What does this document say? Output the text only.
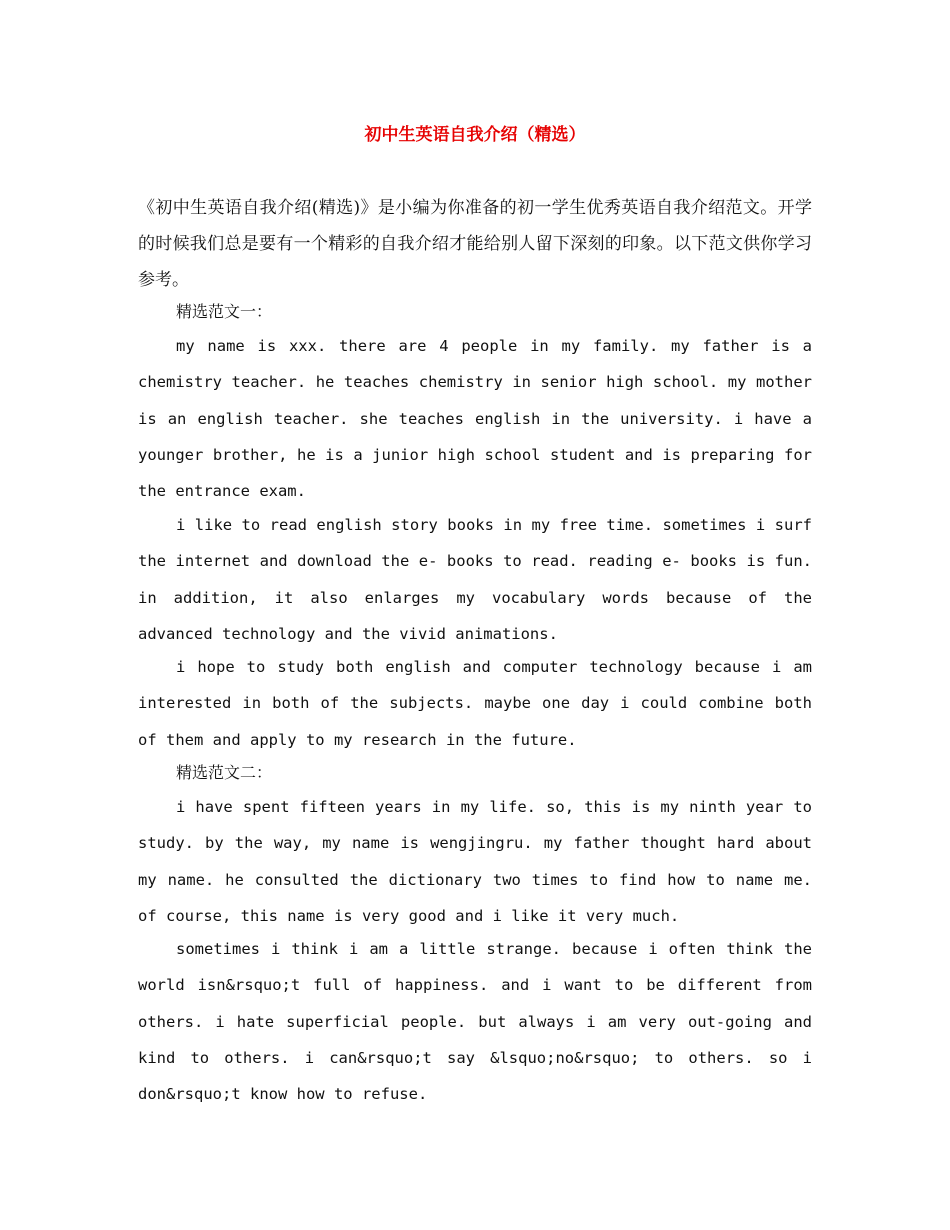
初中生英语自我介绍（精选）

《初中生英语自我介绍(精选)》是小编为你准备的初一学生优秀英语自我介绍范文。开学的时候我们总是要有一个精彩的自我介绍才能给别人留下深刻的印象。以下范文供你学习参考。

精选范文一：

my name is xxx. there are 4 people in my family. my father is a chemistry teacher. he teaches chemistry in senior high school. my mother is an english teacher. she teaches english in the university. i have a younger brother, he is a junior high school student and is preparing for the entrance exam.

i like to read english story books in my free time. sometimes i surf the internet and download the e- books to read. reading e- books is fun. in addition, it also enlarges my vocabulary words because of the advanced technology and the vivid animations.

i hope to study both english and computer technology because i am interested in both of the subjects. maybe one day i could combine both of them and apply to my research in the future.

精选范文二：

i have spent fifteen years in my life. so, this is my ninth year to study. by the way, my name is wengjingru. my father thought hard about my name. he consulted the dictionary two times to find how to name me. of course, this name is very good and i like it very much.

sometimes i think i am a little strange. because i often think the world isn&rsquo;t full of happiness. and i want to be different from others. i hate superficial people. but always i am very out-going and kind to others. i can&rsquo;t say &lsquo;no&rsquo; to others. so i don&rsquo;t know how to refuse.
